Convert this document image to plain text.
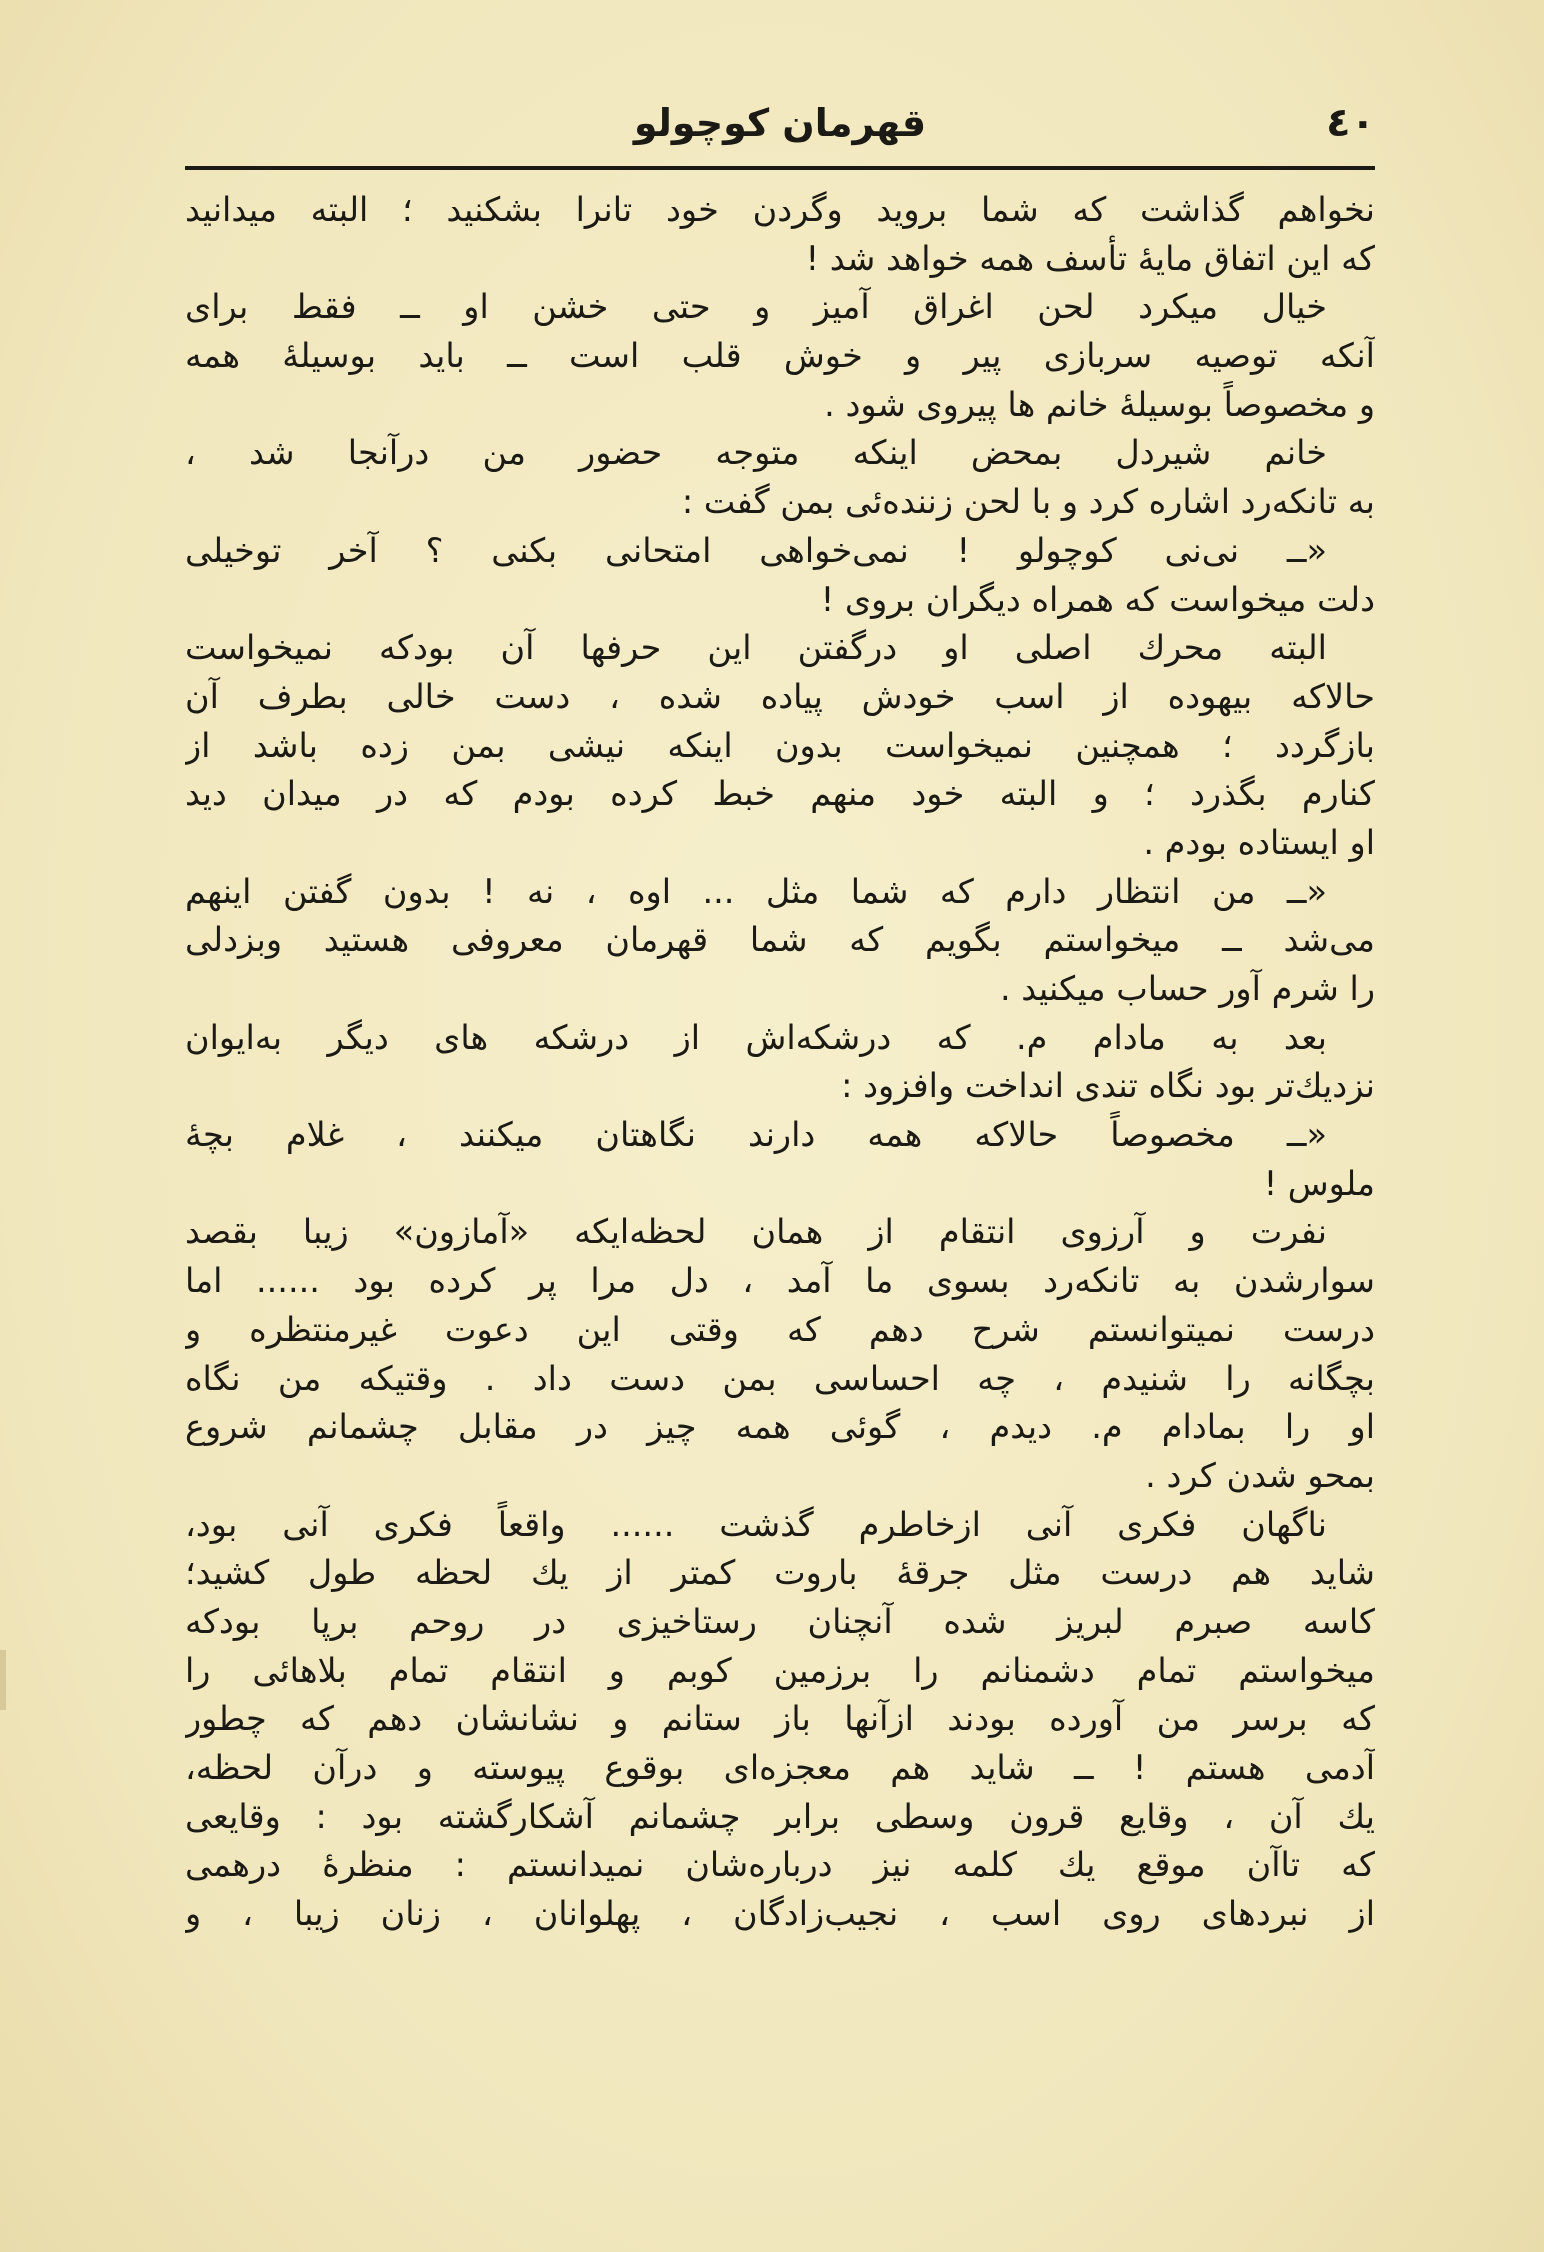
٤٠
قهرمان کوچولو
نخواهم گذاشت که شما بروید وگردن خود تانرا بشکنید ؛ البته میدانید
که این اتفاق مایهٔ تأسف همه خواهد شد !
خیال میکرد لحن اغراق آمیز و حتی خشن او ــ فقط برای
آنکه توصیه سربازی پیر و خوش قلب است ــ باید بوسیلهٔ همه
و مخصوصاً بوسیلهٔ خانم ها پیروی شود .
خانم شیردل بمحض اینکه متوجه حضور من درآنجا شد ،
به تانکه‌رد اشاره کرد و با لحن زننده‌ئی بمن گفت :
«ــ نی‌نی کوچولو ! نمی‌خواهی امتحانی بکنی ؟ آخر توخیلی
دلت میخواست که همراه دیگران بروی !
البته محرك اصلی او درگفتن این حرفها آن بودکه نمیخواست
حالاکه بیهوده از اسب خودش پیاده شده ، دست خالی بطرف آن
بازگردد ؛ همچنین نمیخواست بدون اینکه نیشی بمن زده باشد از
کنارم بگذرد ؛ و البته خود منهم خبط کرده بودم که در میدان دید
او ایستاده بودم .
«ــ من انتظار دارم که شما مثل ... اوه ، نه ! بدون گفتن اینهم
می‌شد ــ میخواستم بگویم که شما قهرمان معروفی هستید وبزدلی
را شرم آور حساب میکنید .
بعد به مادام م. که درشکه‌اش از درشکه های دیگر به‌ایوان
نزدیك‌تر بود نگاه تندی انداخت وافزود :
«ــ مخصوصاً حالاکه همه دارند نگاهتان میکنند ، غلام بچهٔ
ملوس !
نفرت و آرزوی انتقام از همان لحظه‌ایکه «آمازون» زیبا بقصد
سوارشدن به تانکه‌رد بسوی ما آمد ، دل مرا پر کرده بود ...... اما
درست نمیتوانستم شرح دهم که وقتی این دعوت غیرمنتظره و
بچگانه را شنیدم ، چه احساسی بمن دست داد . وقتیکه من نگاه
او را بمادام م. دیدم ، گوئی همه چیز در مقابل چشمانم شروع
بمحو شدن کرد .
ناگهان فکری آنی ازخاطرم گذشت ...... واقعاً فکری آنی بود،
شاید هم درست مثل جرقهٔ باروت کمتر از یك لحظه طول کشید؛
کاسه صبرم لبریز شده آنچنان رستاخیزی در روحم برپا بودکه
میخواستم تمام دشمنانم را برزمین کوبم و انتقام تمام بلاهائی را
که برسر من آورده بودند ازآنها باز ستانم و نشانشان دهم که چطور
آدمی هستم ! ــ شاید هم معجزه‌ای بوقوع پیوسته و درآن لحظه،
یك آن ، وقایع قرون وسطی برابر چشمانم آشکارگشته بود : وقایعی
که تاآن موقع یك کلمه نیز درباره‌شان نمیدانستم : منظرهٔ درهمی
از نبردهای روی اسب ، نجیب‌زادگان ، پهلوانان ، زنان زیبا ، و
